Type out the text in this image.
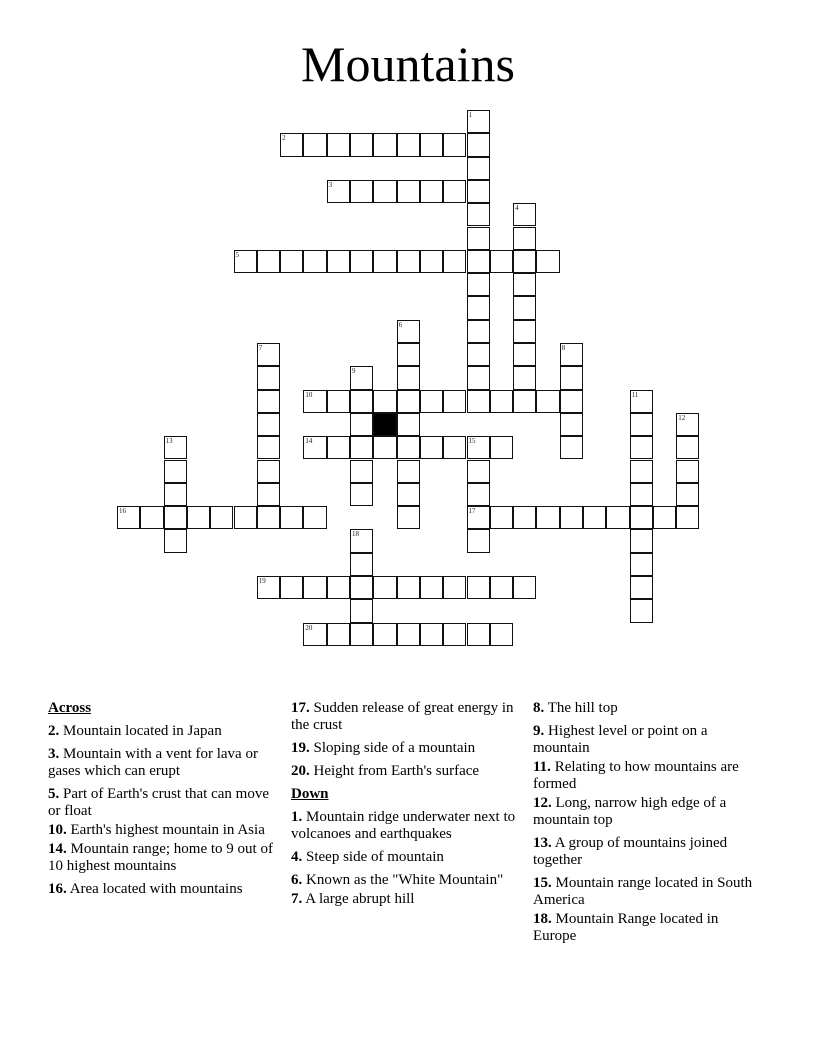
Mountains
1
2
3
4
5
6
7	8
9
10	11
12
13	14	15
17
16
18
19
20
Across
2. Mountain located in Japan
3. Mountain with a vent for lava or gases which can erupt
5. Part of Earth's crust that can move or float
10. Earth's highest mountain in Asia
14. Mountain range; home to 9 out of 10 highest mountains
16. Area located with mountains
17. Sudden release of great energy in the crust
19. Sloping side of a mountain
20. Height from Earth's surface
Down
1. Mountain ridge underwater next to volcanoes and earthquakes
4. Steep side of mountain
6. Known as the "White Mountain"
7. A large abrupt hill
8. The hill top
9. Highest level or point on a mountain
11. Relating to how mountains are formed
12. Long, narrow high edge of a mountain top
13. A group of mountains joined together
15. Mountain range located in South America
18. Mountain Range located in Europe
